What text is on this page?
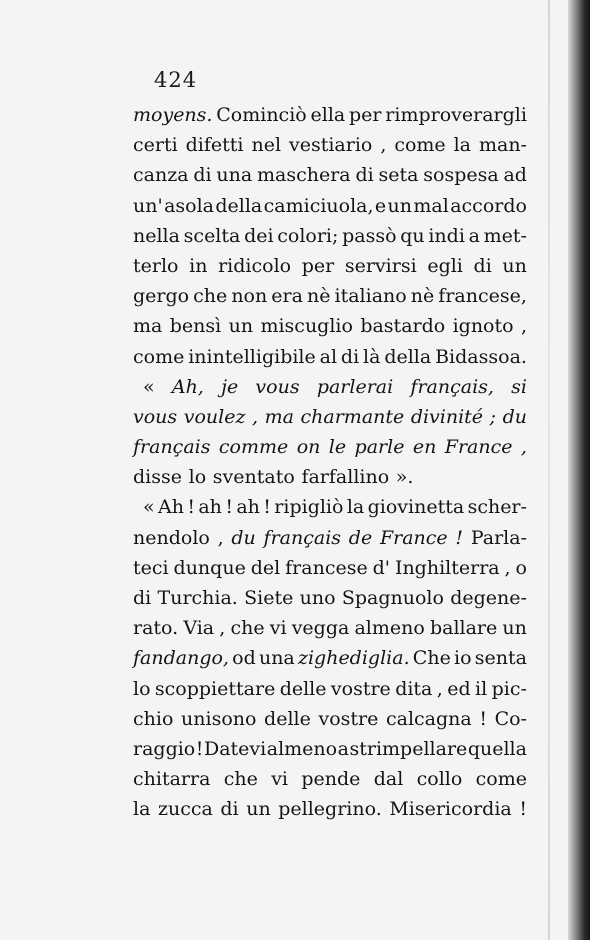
424
moyens. Cominciò ella per rimproverargli
certi difetti nel vestiario , come la man-
canza di una maschera di seta sospesa ad
un' asola della camiciuola, e un mal accordo
nella scelta dei colori; passò qu indi a met-
terlo in ridicolo per servirsi egli di un
gergo che non era nè italiano nè francese,
ma bensì un miscuglio bastardo ignoto ,
come inintelligibile al di là della Bidassoa.
« Ah, je vous parlerai français, si
vous voulez , ma charmante divinité ; du
français comme on le parle en France ,
disse lo sventato farfallino ».
« Ah ! ah ! ah ! ripigliò la giovinetta scher-
nendolo , du français de France ! Parla-
teci dunque del francese d' Inghilterra , o
di Turchia. Siete uno Spagnuolo degene-
rato. Via , che vi vegga almeno ballare un
fandango, od una zighediglia. Che io senta
lo scoppiettare delle vostre dita , ed il pic-
chio unisono delle vostre calcagna ! Co-
raggio ! Datevi almeno a strimpellare quella
chitarra che vi pende dal collo come
la zucca di un pellegrino. Misericordia !
